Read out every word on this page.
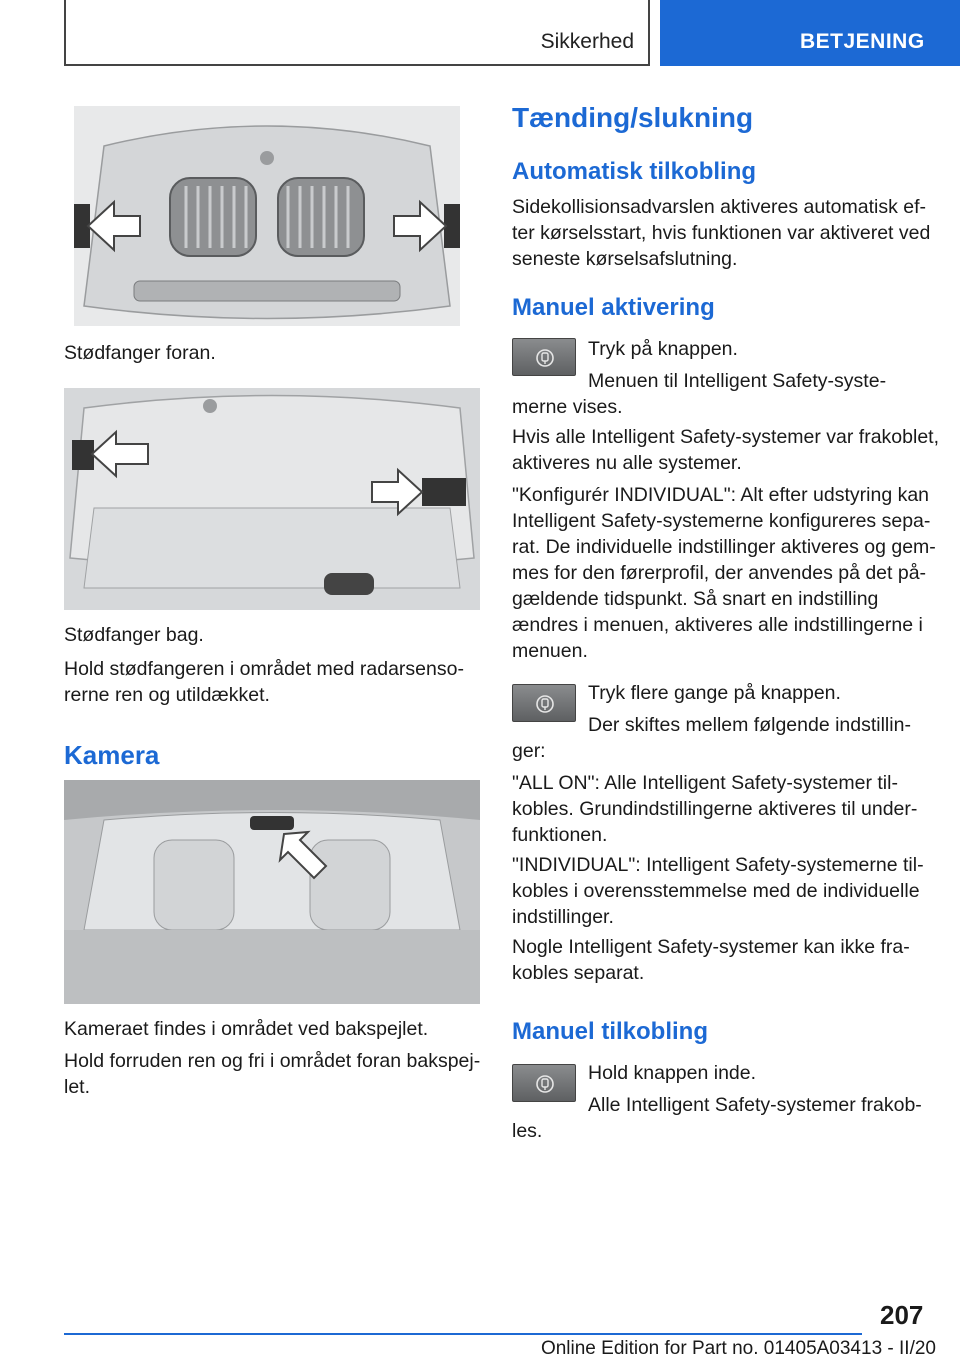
Sikkerhed	BETJENING
Stødfanger foran.
Stødfanger bag.
Hold stødfangeren i området med radarsenso-
rerne ren og utildækket.
Kamera
Kameraet findes i området ved bakspejlet.
Hold forruden ren og fri i området foran bakspej-
let.
Tænding/slukning
Automatisk tilkobling
Sidekollisionsadvarslen aktiveres automatisk ef-
ter kørselsstart, hvis funktionen var aktiveret ved
seneste kørselsafslutning.
Manuel aktivering
Tryk på knappen.
Menuen til Intelligent Safety-syste-
merne vises.
Hvis alle Intelligent Safety-systemer var frakoblet,
aktiveres nu alle systemer.
"Konfigurér INDIVIDUAL": Alt efter udstyring kan
Intelligent Safety-systemerne konfigureres sepa-
rat. De individuelle indstillinger aktiveres og gem-
mes for den førerprofil, der anvendes på det på-
gældende tidspunkt. Så snart en indstilling
ændres i menuen, aktiveres alle indstillingerne i
menuen.
Tryk flere gange på knappen.
Der skiftes mellem følgende indstillin-
ger:
"ALL ON": Alle Intelligent Safety-systemer til-
kobles. Grundindstillingerne aktiveres til under-
funktionen.
"INDIVIDUAL": Intelligent Safety-systemerne til-
kobles i overensstemmelse med de individuelle
indstillinger.
Nogle Intelligent Safety-systemer kan ikke fra-
kobles separat.
Manuel tilkobling
Hold knappen inde.
Alle Intelligent Safety-systemer frakob-
les.
207
Online Edition for Part no. 01405A03413 - II/20
